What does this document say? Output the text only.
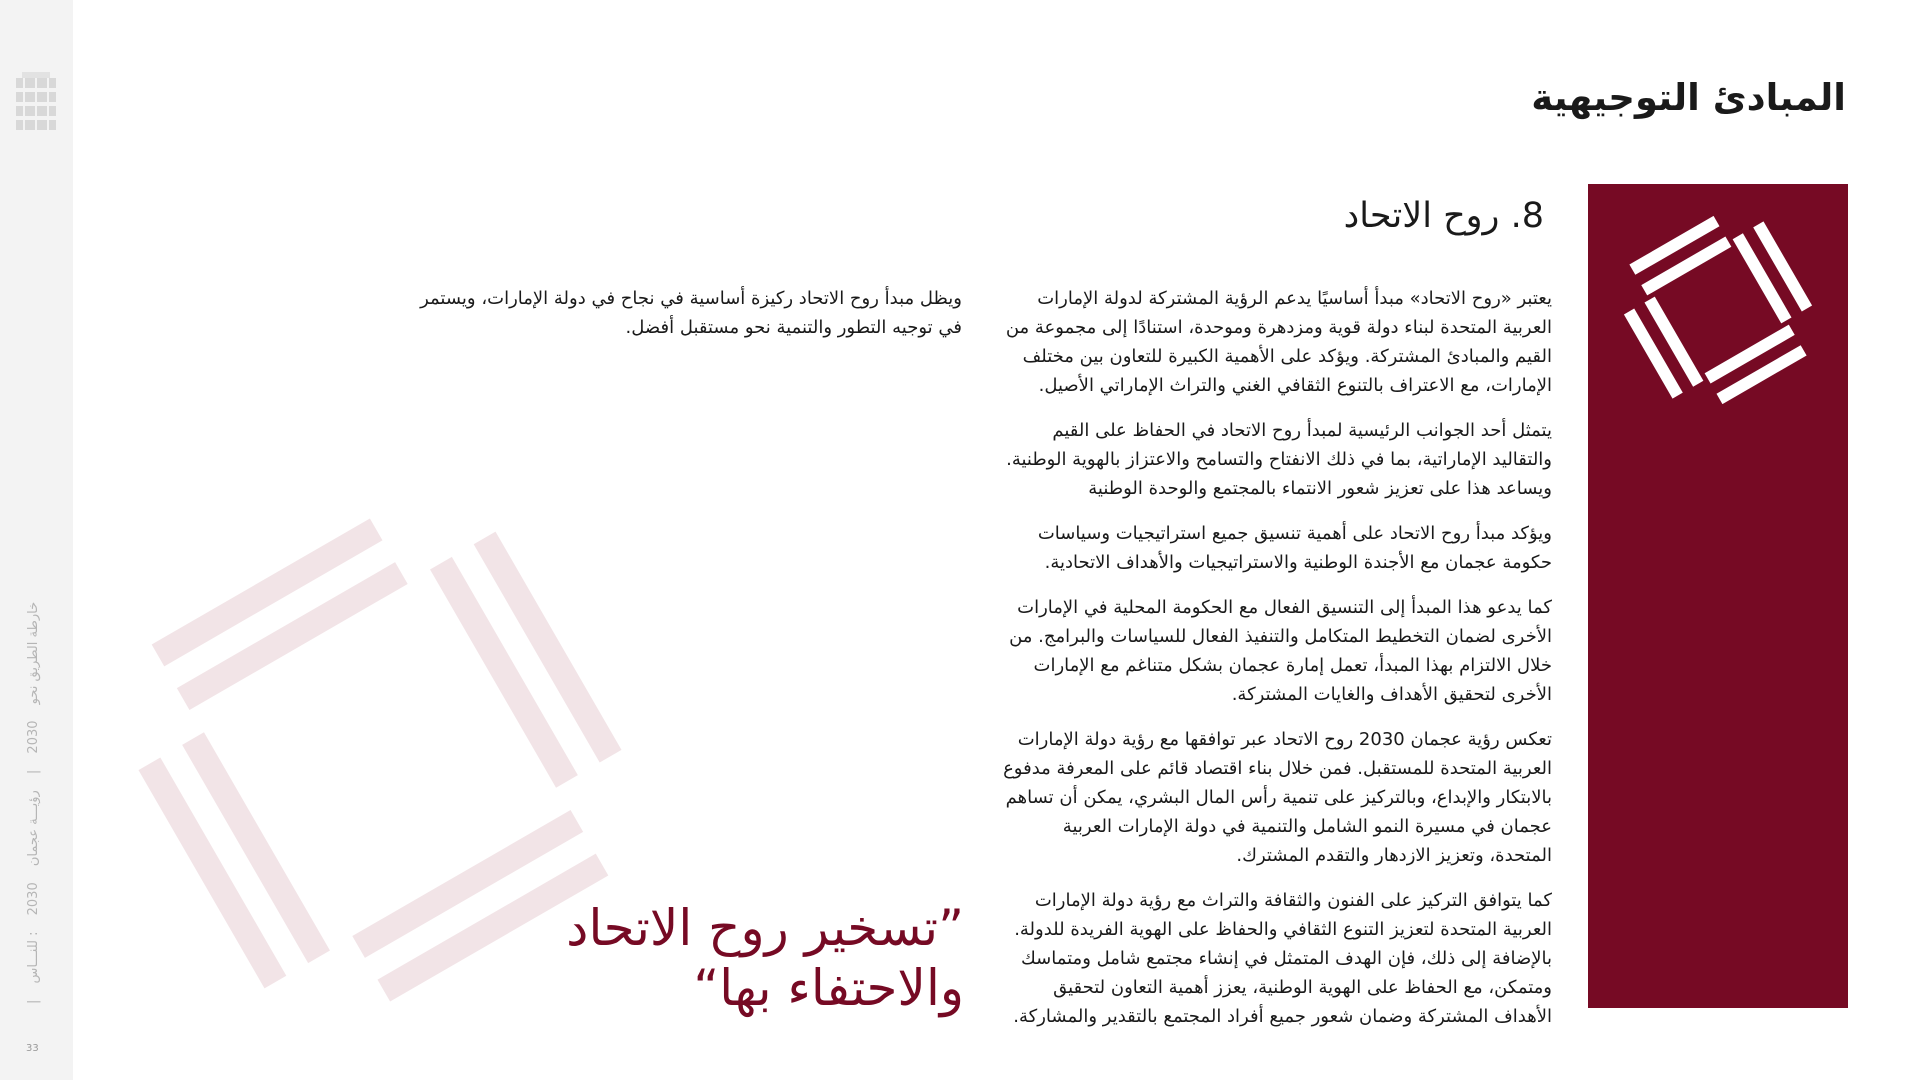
خارطة الطريق نحو 2030 | رؤيـــة عجمان 2030 : للنـــاس |
33
المبادئ التوجيهية
8. روح الاتحاد

يعتبر «روح الاتحاد» مبدأ أساسيًا يدعم الرؤية المشتركة لدولة الإمارات العربية المتحدة لبناء دولة قوية ومزدهرة وموحدة، استنادًا إلى مجموعة من القيم والمبادئ المشتركة. ويؤكد على الأهمية الكبيرة للتعاون بين مختلف الإمارات، مع الاعتراف بالتنوع الثقافي الغني والتراث الإماراتي الأصيل.

يتمثل أحد الجوانب الرئيسية لمبدأ روح الاتحاد في الحفاظ على القيم والتقاليد الإماراتية، بما في ذلك الانفتاح والتسامح والاعتزاز بالهوية الوطنية. ويساعد هذا على تعزيز شعور الانتماء بالمجتمع والوحدة الوطنية

ويؤكد مبدأ روح الاتحاد على أهمية تنسيق جميع استراتيجيات وسياسات حكومة عجمان مع الأجندة الوطنية والاستراتيجيات والأهداف الاتحادية.

كما يدعو هذا المبدأ إلى التنسيق الفعال مع الحكومة المحلية في الإمارات الأخرى لضمان التخطيط المتكامل والتنفيذ الفعال للسياسات والبرامج. من خلال الالتزام بهذا المبدأ، تعمل إمارة عجمان بشكل متناغم مع الإمارات الأخرى لتحقيق الأهداف والغايات المشتركة.

تعكس رؤية عجمان 2030 روح الاتحاد عبر توافقها مع رؤية دولة الإمارات العربية المتحدة للمستقبل. فمن خلال بناء اقتصاد قائم على المعرفة مدفوع بالابتكار والإبداع، وبالتركيز على تنمية رأس المال البشري، يمكن أن تساهم عجمان في مسيرة النمو الشامل والتنمية في دولة الإمارات العربية المتحدة، وتعزيز الازدهار والتقدم المشترك.

كما يتوافق التركيز على الفنون والثقافة والتراث مع رؤية دولة الإمارات العربية المتحدة لتعزيز التنوع الثقافي والحفاظ على الهوية الفريدة للدولة. بالإضافة إلى ذلك، فإن الهدف المتمثل في إنشاء مجتمع شامل ومتماسك ومتمكن، مع الحفاظ على الهوية الوطنية، يعزز أهمية التعاون لتحقيق الأهداف المشتركة وضمان شعور جميع أفراد المجتمع بالتقدير والمشاركة.

ويظل مبدأ روح الاتحاد ركيزة أساسية في نجاح في دولة الإمارات، ويستمر في توجيه التطور والتنمية نحو مستقبل أفضل.

”تسخير روح الاتحاد
والاحتفاء بها“
